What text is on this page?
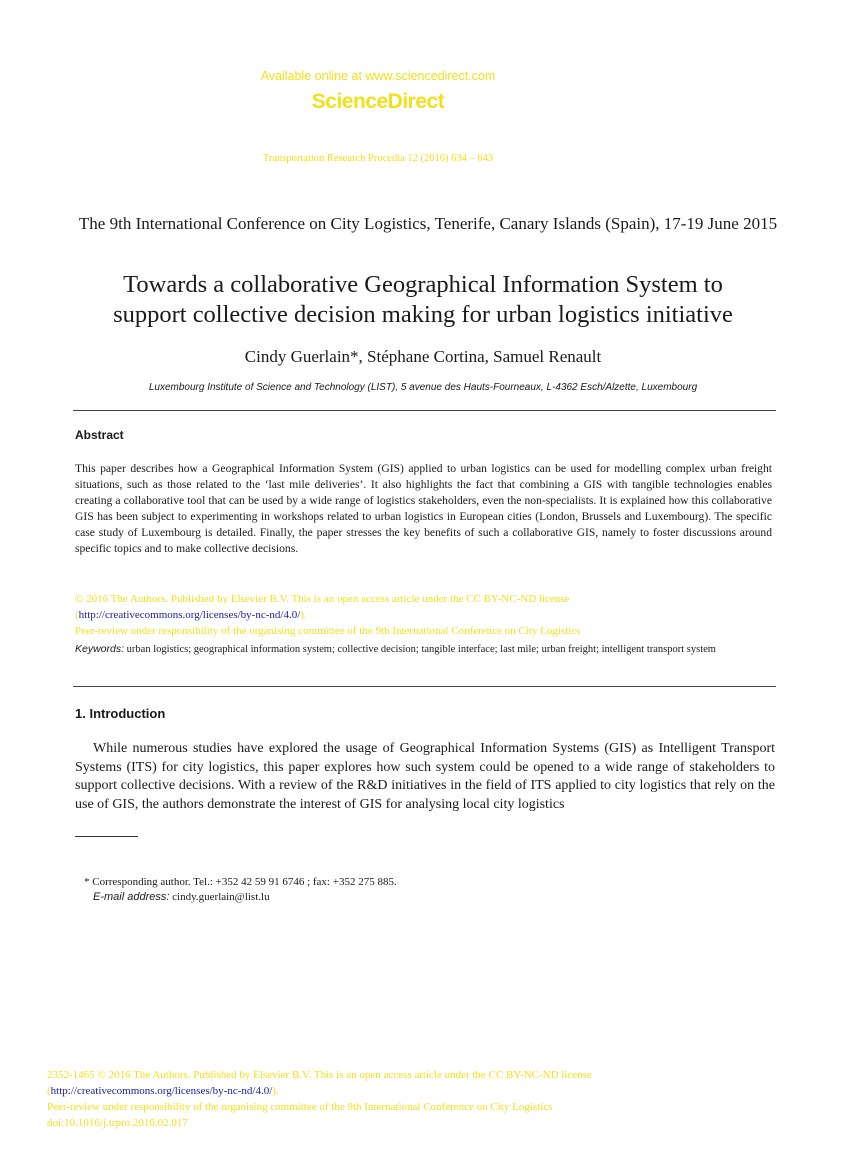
Available online at www.sciencedirect.com
ScienceDirect
Transportation Research Procedia 12 (2016) 634 – 643
The 9th International Conference on City Logistics, Tenerife, Canary Islands (Spain), 17-19 June 2015
Towards a collaborative Geographical Information System to
support collective decision making for urban logistics initiative
Cindy Guerlain*, Stéphane Cortina, Samuel Renault
Luxembourg Institute of Science and Technology (LIST), 5 avenue des Hauts-Fourneaux, L-4362 Esch/Alzette, Luxembourg
Abstract
This paper describes how a Geographical Information System (GIS) applied to urban logistics can be used for modelling complex urban freight situations, such as those related to the ‘last mile deliveries’. It also highlights the fact that combining a GIS with tangible technologies enables creating a collaborative tool that can be used by a wide range of logistics stakeholders, even the non-specialists. It is explained how this collaborative GIS has been subject to experimenting in workshops related to urban logistics in European cities (London, Brussels and Luxembourg). The specific case study of Luxembourg is detailed. Finally, the paper stresses the key benefits of such a collaborative GIS, namely to foster discussions around specific topics and to make collective decisions.
© 2016 The Authors. Published by Elsevier B.V. This is an open access article under the CC BY-NC-ND license
(http://creativecommons.org/licenses/by-nc-nd/4.0/).
Peer-review under responsibility of the organising committee of the 9th International Conference on City Logistics
Keywords: urban logistics; geographical information system; collective decision; tangible interface; last mile; urban freight; intelligent transport system
1. Introduction
While numerous studies have explored the usage of Geographical Information Systems (GIS) as Intelligent Transport Systems (ITS) for city logistics, this paper explores how such system could be opened to a wide range of stakeholders to support collective decisions. With a review of the R&D initiatives in the field of ITS applied to city logistics that rely on the use of GIS, the authors demonstrate the interest of GIS for analysing local city logistics
* Corresponding author. Tel.: +352 42 59 91 6746 ; fax: +352 275 885.
E-mail address: cindy.guerlain@list.lu
2352-1465 © 2016 The Authors. Published by Elsevier B.V. This is an open access article under the CC BY-NC-ND license
(http://creativecommons.org/licenses/by-nc-nd/4.0/).
Peer-review under responsibility of the organising committee of the 9th International Conference on City Logistics
doi:10.1016/j.trpro.2016.02.017
